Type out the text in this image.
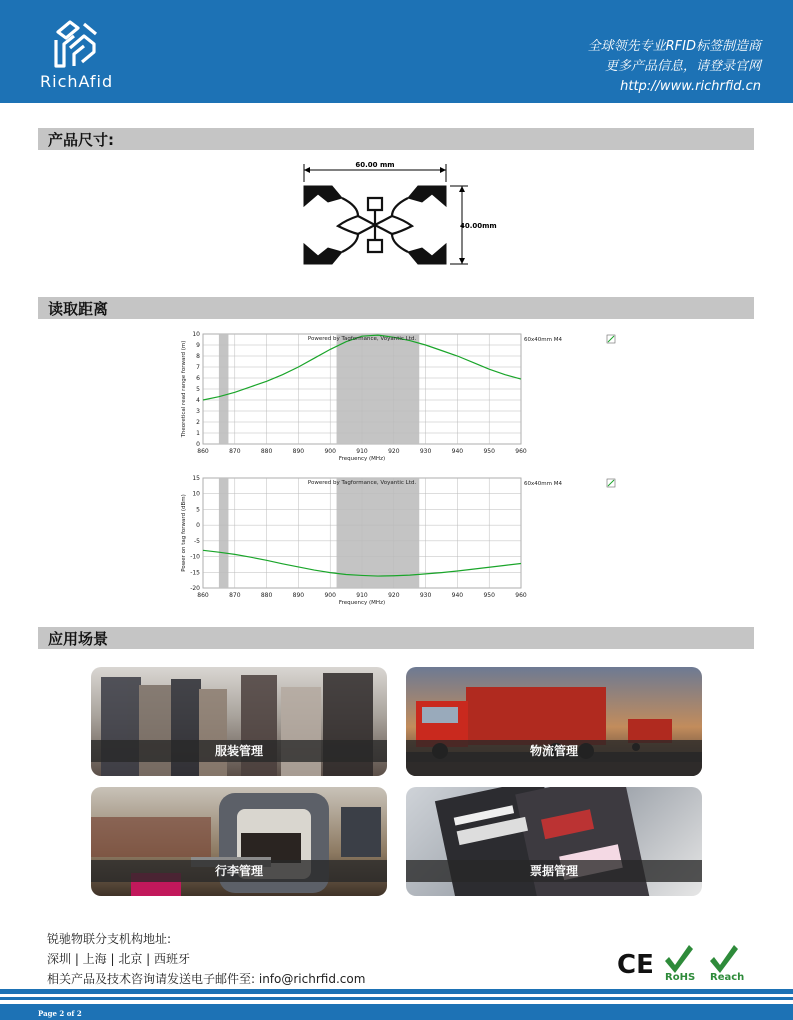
RichAfid
全球领先专业RFID标签制造商
更多产品信息，请登录官网
http://www.richrfid.cn
产品尺寸:
60.00 mm
40.00mm
读取距离
0
1
2
3
4
5
6
7
8
9
10
860	870	880	890	900	910	920	930	940	950	960
Powered by Tagformance, Voyantic Ltd.
Frequency (MHz)
Theoretical read range forward (m)
60x40mm M4
15
10
5
0
-5
-10
-15
-20
860	870	880	890	900	910	920	930	940	950	960
Powered by Tagformance, Voyantic Ltd.
Frequency (MHz)
Power on tag forward (dBm)
60x40mm M4
应用场景
服装管理	物流管理
行李管理	票据管理
锐驰物联分支机构地址:
深圳 | 上海 | 北京 | 西班牙
相关产品及技术咨询请发送电子邮件至: info@richrfid.com	CE RoHS Reach
Page 2 of 2
